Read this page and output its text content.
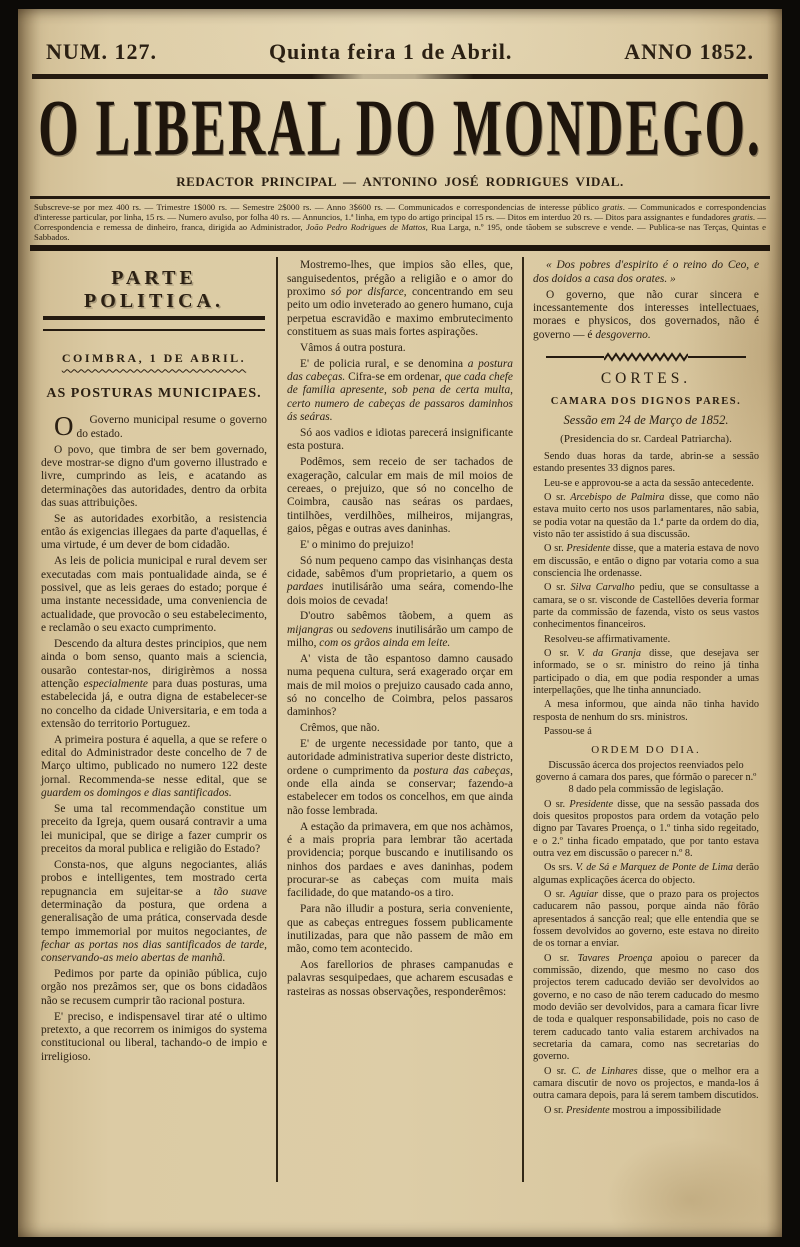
NUM. 127.	Quinta feira 1 de Abril.	ANNO 1852.
O LIBERAL DO MONDEGO.
REDACTOR PRINCIPAL — ANTONINO JOSÉ RODRIGUES VIDAL.
Subscreve-se por mez 400 rs. — Trimestre 1$000 rs. — Semestre 2$000 rs. — Anno 3$600 rs. — Communicados e correspondencias de interesse público gratis. — Communicados e correspondencias d'interesse particular, por linha, 15 rs. — Numero avulso, por folha 40 rs. — Annuncios, 1.ª linha, em typo do artigo principal 15 rs. — Ditos em interduo 20 rs. — Ditos para assignantes e fundadores gratis. — Correspondencia e remessa de dinheiro, franca, dirigida ao Administrador, João Pedro Rodrigues de Mattos, Rua Larga, n.º 195, onde tãobem se subscreve e vende. — Publica-se nas Terças, Quintas e Sabbados.
PARTE POLITICA.
COIMBRA, 1 DE ABRIL.
AS POSTURAS MUNICIPAES.

O Governo municipal resume o governo do estado.

O povo, que timbra de ser bem governado, deve mostrar-se digno d'um governo illustrado e livre, cumprindo as leis, e acatando as determinações das autoridades, dentro da orbita das suas attribuições.

Se as autoridades exorbitão, a resistencia então ás exigencias illegaes da parte d'aquellas, é uma virtude, é um dever de bom cidadão.

As leis de policia municipal e rural devem ser executadas com mais pontualidade ainda, se é possivel, que as leis geraes do estado; porque é uma instante necessidade, uma conveniencia de actualidade, que provocão o seu estabelecimento, e reclamão o seu exacto cumprimento.

Descendo da altura destes principios, que nem ainda o bom senso, quanto mais a sciencia, ousarão contestar-nos, dirigirèmos a nossa attenção especialmente para duas posturas, uma estabelecida já, e outra digna de estabelecer-se no concelho da cidade Universitaria, e em toda a extensão do territorio Portuguez.

A primeira postura é aquella, a que se refere o edital do Administrador deste concelho de 7 de Março ultimo, publicado no numero 122 deste jornal. Recommenda-se nesse edital, que se guardem os domingos e dias santificados.

Se uma tal recommendação constitue um preceito da Igreja, quem ousará contravir a uma lei municipal, que se dirige a fazer cumprir os preceitos da moral publica e religião do Estado?

Consta-nos, que alguns negociantes, aliás probos e intelligentes, tem mostrado certa repugnancia em sujeitar-se a tão suave determinação da postura, que ordena a generalisação de uma prática, conservada desde tempo immemorial por muitos negociantes, de fechar as portas nos dias santificados de tarde, conservando-as meio abertas de manhã.

Pedimos por parte da opinião pública, cujo orgão nos prezâmos ser, que os bons cidadãos não se recusem cumprir tão racional postura.

E' preciso, e indispensavel tirar até o ultimo pretexto, a que recorrem os inimigos do systema constitucional ou liberal, tachando-o de impio e irreligioso.

Mostremo-lhes, que impios são elles, que, sanguisedentos, prégão a religião e o amor do proximo só por disfarce, concentrando em seu peito um odio inveterado ao genero humano, cuja perpetua escravidão e maximo embrutecimento constituem as suas mais fortes aspirações.

Vâmos á outra postura.

E' de policia rural, e se denomina a postura das cabeças. Cifra-se em ordenar, que cada chefe de familia apresente, sob pena de certa multa, certo numero de cabeças de passaros daminhos ás seáras.

Só aos vadios e idiotas parecerá insignificante esta postura.

Podêmos, sem receio de ser tachados de exageração, calcular em mais de mil moios de cereaes, o prejuizo, que só no concelho de Coimbra, causão nas seáras os pardaes, tintilhões, verdilhões, milheiros, mijangras, gaios, pêgas e outras aves daninhas.

E' o minimo do prejuizo!

Só num pequeno campo das visinhanças desta cidade, sabêmos d'um proprietario, a quem os pardaes inutilisárão uma seára, comendo-lhe dois moios de cevada!

D'outro sabêmos tãobem, a quem as mijangras ou sedovens inutilisárão um campo de milho, com os grãos ainda em leite.

A' vista de tão espantoso damno causado numa pequena cultura, será exagerado orçar em mais de mil moios o prejuizo causado cada anno, só no concelho de Coimbra, pelos passaros daminhos?

Crêmos, que não.

E' de urgente necessidade por tanto, que a autoridade administrativa superior deste districto, ordene o cumprimento da postura das cabeças, onde ella ainda se conservar; fazendo-a estabelecer em todos os concelhos, em que ainda não fosse lembrada.

A estação da primavera, em que nos achàmos, é a mais propria para lembrar tão acertada providencia; porque buscando e inutilisando os ninhos dos pardaes e aves daninhas, podem procurar-se as cabeças com muita mais facilidade, do que matando-os a tiro.

Para não illudir a postura, seria conveniente, que as cabeças entregues fossem publicamente inutilizadas, para que não passem de mão em mão, como tem acontecido.

Aos farellorios de phrases campanudas e palavras sesquipedaes, que acharem escusadas e rasteiras as nossas observações, responderêmos:

« Dos pobres d'espirito é o reino do Ceo, e dos doidos a casa dos orates. »

O governo, que não curar sincera e incessantemente dos interesses intellectuaes, moraes e physicos, dos governados, não é governo — é desgoverno.

CORTES.
CAMARA DOS DIGNOS PARES.
Sessão em 24 de Março de 1852.
(Presidencia do sr. Cardeal Patriarcha).

Sendo duas horas da tarde, abrin-se a sessão estando presentes 33 dignos pares.

Leu-se e approvou-se a acta da sessão antecedente.

O sr. Arcebispo de Palmira disse, que como não estava muito certo nos usos parlamentares, não sabia, se podia votar na questão da 1.ª parte da ordem do dia, visto não ter assistido á sua discussão.

O sr. Presidente disse, que a materia estava de novo em discussão, e então o digno par votaria como a sua consciencia lhe ordenasse.

O sr. Silva Carvalho pediu, que se consultasse a camara, se o sr. visconde de Castellões deveria formar parte da commissão de fazenda, visto os seus vastos conhecimentos financeiros.

Resolveu-se affirmativamente.

O sr. V. da Granja disse, que desejava ser informado, se o sr. ministro do reino já tinha participado o dia, em que podia responder a umas interpellações, que lhe tinha annunciado.

A mesa informou, que ainda não tinha havido resposta de nenhum do srs. ministros.

Passou-se á

ORDEM DO DIA.

Discussão ácerca dos projectos reenviados pelo governo á camara dos pares, que fórmão o parecer n.º 8 dado pela commissão de legislação.

O sr. Presidente disse, que na sessão passada dos dois quesitos propostos para ordem da votação pelo digno par Tavares Proença, o 1.º tinha sido regeitado, e o 2.º tinha ficado empatado, que por tanto estava outra vez em discussão o parecer n.º 8.

Os srs. V. de Sá e Marquez de Ponte de Lima derão algumas explicações ácerca do objecto.

O sr. Aguiar disse, que o prazo para os projectos caducarem não passou, porque ainda não fôrão apresentados á sancção real; que elle entendia que se fossem devolvidos ao governo, este estava no direito de os tornar a enviar.

O sr. Tavares Proença apoiou o parecer da commissão, dizendo, que mesmo no caso dos projectos terem caducado devião ser devolvidos ao governo, e no caso de não terem caducado do mesmo modo devião ser devolvidos, para a camara ficar livre de toda e qualquer responsabilidade, pois no caso de terem caducado tanto valia estarem archivados na secretaria da camara, como nas secretarias do governo.

O sr. C. de Linhares disse, que o melhor era a camara discutir de novo os projectos, e manda-los á outra camara depois, para lá serem tambem discutidos.

O sr. Presidente mostrou a impossibilidade
